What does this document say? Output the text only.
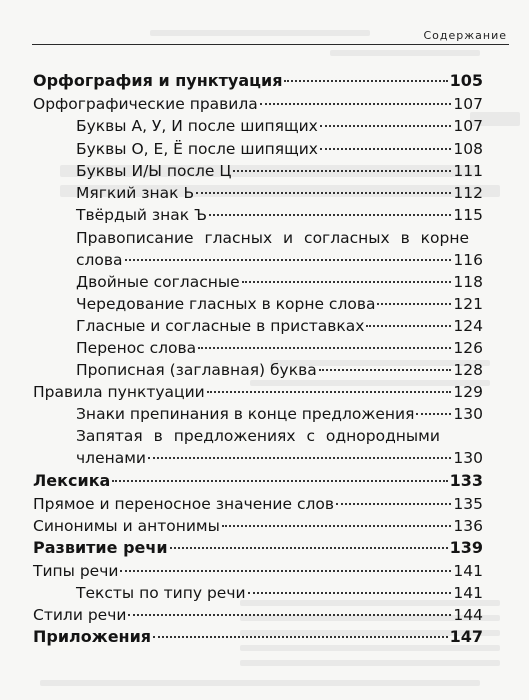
Содержание
Орфография и пунктуация	105
Орфографические правила	107
Буквы А, У, И после шипящих	107
Буквы О, Е, Ё после шипящих	108
Буквы И/Ы после Ц	111
Мягкий знак Ь	112
Твёрдый знак Ъ	115
Правописание гласных и согласных в корне
слова	116
Двойные согласные	118
Чередование гласных в корне слова	121
Гласные и согласные в приставках	124
Перенос слова	126
Прописная (заглавная) буква	128
Правила пунктуации	129
Знаки препинания в конце предложения	130
Запятая в предложениях с однородными
членами	130
Лексика	133
Прямое и переносное значение слов	135
Синонимы и антонимы	136
Развитие речи	139
Типы речи	141
Тексты по типу речи	141
Стили речи	144
Приложения	147
